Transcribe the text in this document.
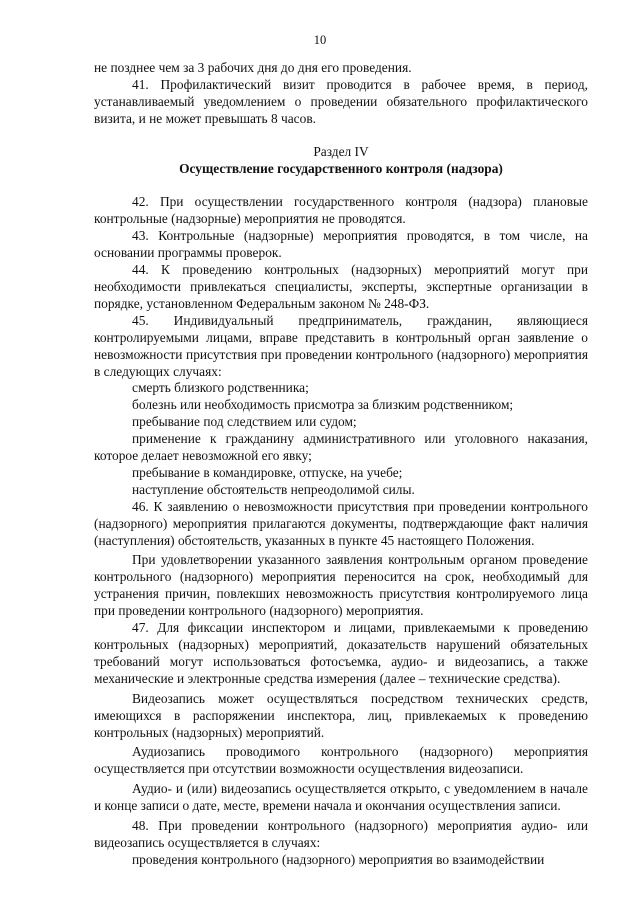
10

не позднее чем за 3 рабочих дня до дня его проведения.

41. Профилактический визит проводится в рабочее время, в период, устанавливаемый уведомлением о проведении обязательного профилактического визита, и не может превышать 8 часов.

Раздел IV

Осуществление государственного контроля (надзора)

42. При осуществлении государственного контроля (надзора) плановые контрольные (надзорные) мероприятия не проводятся.

43. Контрольные (надзорные) мероприятия проводятся, в том числе, на основании программы проверок.

44. К проведению контрольных (надзорных) мероприятий могут при необходимости привлекаться специалисты, эксперты, экспертные организации в порядке, установленном Федеральным законом № 248-ФЗ.

45. Индивидуальный предприниматель, гражданин, являющиеся контролируемыми лицами, вправе представить в контрольный орган заявление о невозможности присутствия при проведении контрольного (надзорного) мероприятия в следующих случаях:

смерть близкого родственника;

болезнь или необходимость присмотра за близким родственником;

пребывание под следствием или судом;

применение к гражданину административного или уголовного наказания, которое делает невозможной его явку;

пребывание в командировке, отпуске, на учебе;

наступление обстоятельств непреодолимой силы.

46. К заявлению о невозможности присутствия при проведении контрольного (надзорного) мероприятия прилагаются документы, подтверждающие факт наличия (наступления) обстоятельств, указанных в пункте 45 настоящего Положения.

При удовлетворении указанного заявления контрольным органом проведение контрольного (надзорного) мероприятия переносится на срок, необходимый для устранения причин, повлекших невозможность присутствия контролируемого лица при проведении контрольного (надзорного) мероприятия.

47. Для фиксации инспектором и лицами, привлекаемыми к проведению контрольных (надзорных) мероприятий, доказательств нарушений обязательных требований могут использоваться фотосъемка, аудио- и видеозапись, а также механические и электронные средства измерения (далее – технические средства).

Видеозапись может осуществляться посредством технических средств, имеющихся в распоряжении инспектора, лиц, привлекаемых к проведению контрольных (надзорных) мероприятий.

Аудиозапись проводимого контрольного (надзорного) мероприятия осуществляется при отсутствии возможности осуществления видеозаписи.

Аудио- и (или) видеозапись осуществляется открыто, с уведомлением в начале и конце записи о дате, месте, времени начала и окончания осуществления записи.

48. При проведении контрольного (надзорного) мероприятия аудио- или видеозапись осуществляется в случаях:

проведения контрольного (надзорного) мероприятия во взаимодействии
